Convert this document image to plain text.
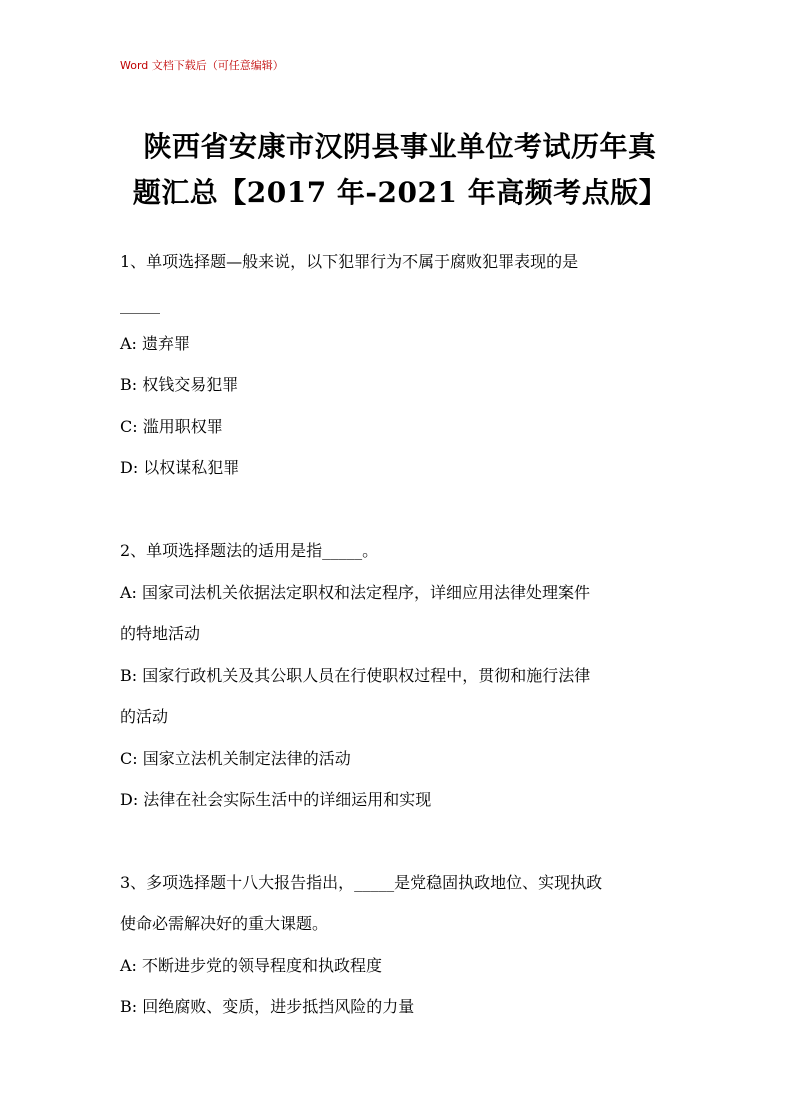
Word 文档下载后（可任意编辑）
陕西省安康市汉阴县事业单位考试历年真
题汇总【2017 年-2021 年高频考点版】
1、单项选择题—般来说，以下犯罪行为不属于腐败犯罪表现的是
_____
A: 遗弃罪
B: 权钱交易犯罪
C: 滥用职权罪
D: 以权谋私犯罪
2、单项选择题法的适用是指_____。
A: 国家司法机关依据法定职权和法定程序，详细应用法律处理案件
的特地活动
B: 国家行政机关及其公职人员在行使职权过程中，贯彻和施行法律
的活动
C: 国家立法机关制定法律的活动
D: 法律在社会实际生活中的详细运用和实现
3、多项选择题十八大报告指出，_____是党稳固执政地位、实现执政
使命必需解决好的重大课题。
A: 不断进步党的领导程度和执政程度
B: 回绝腐败、变质，进步抵挡风险的力量
